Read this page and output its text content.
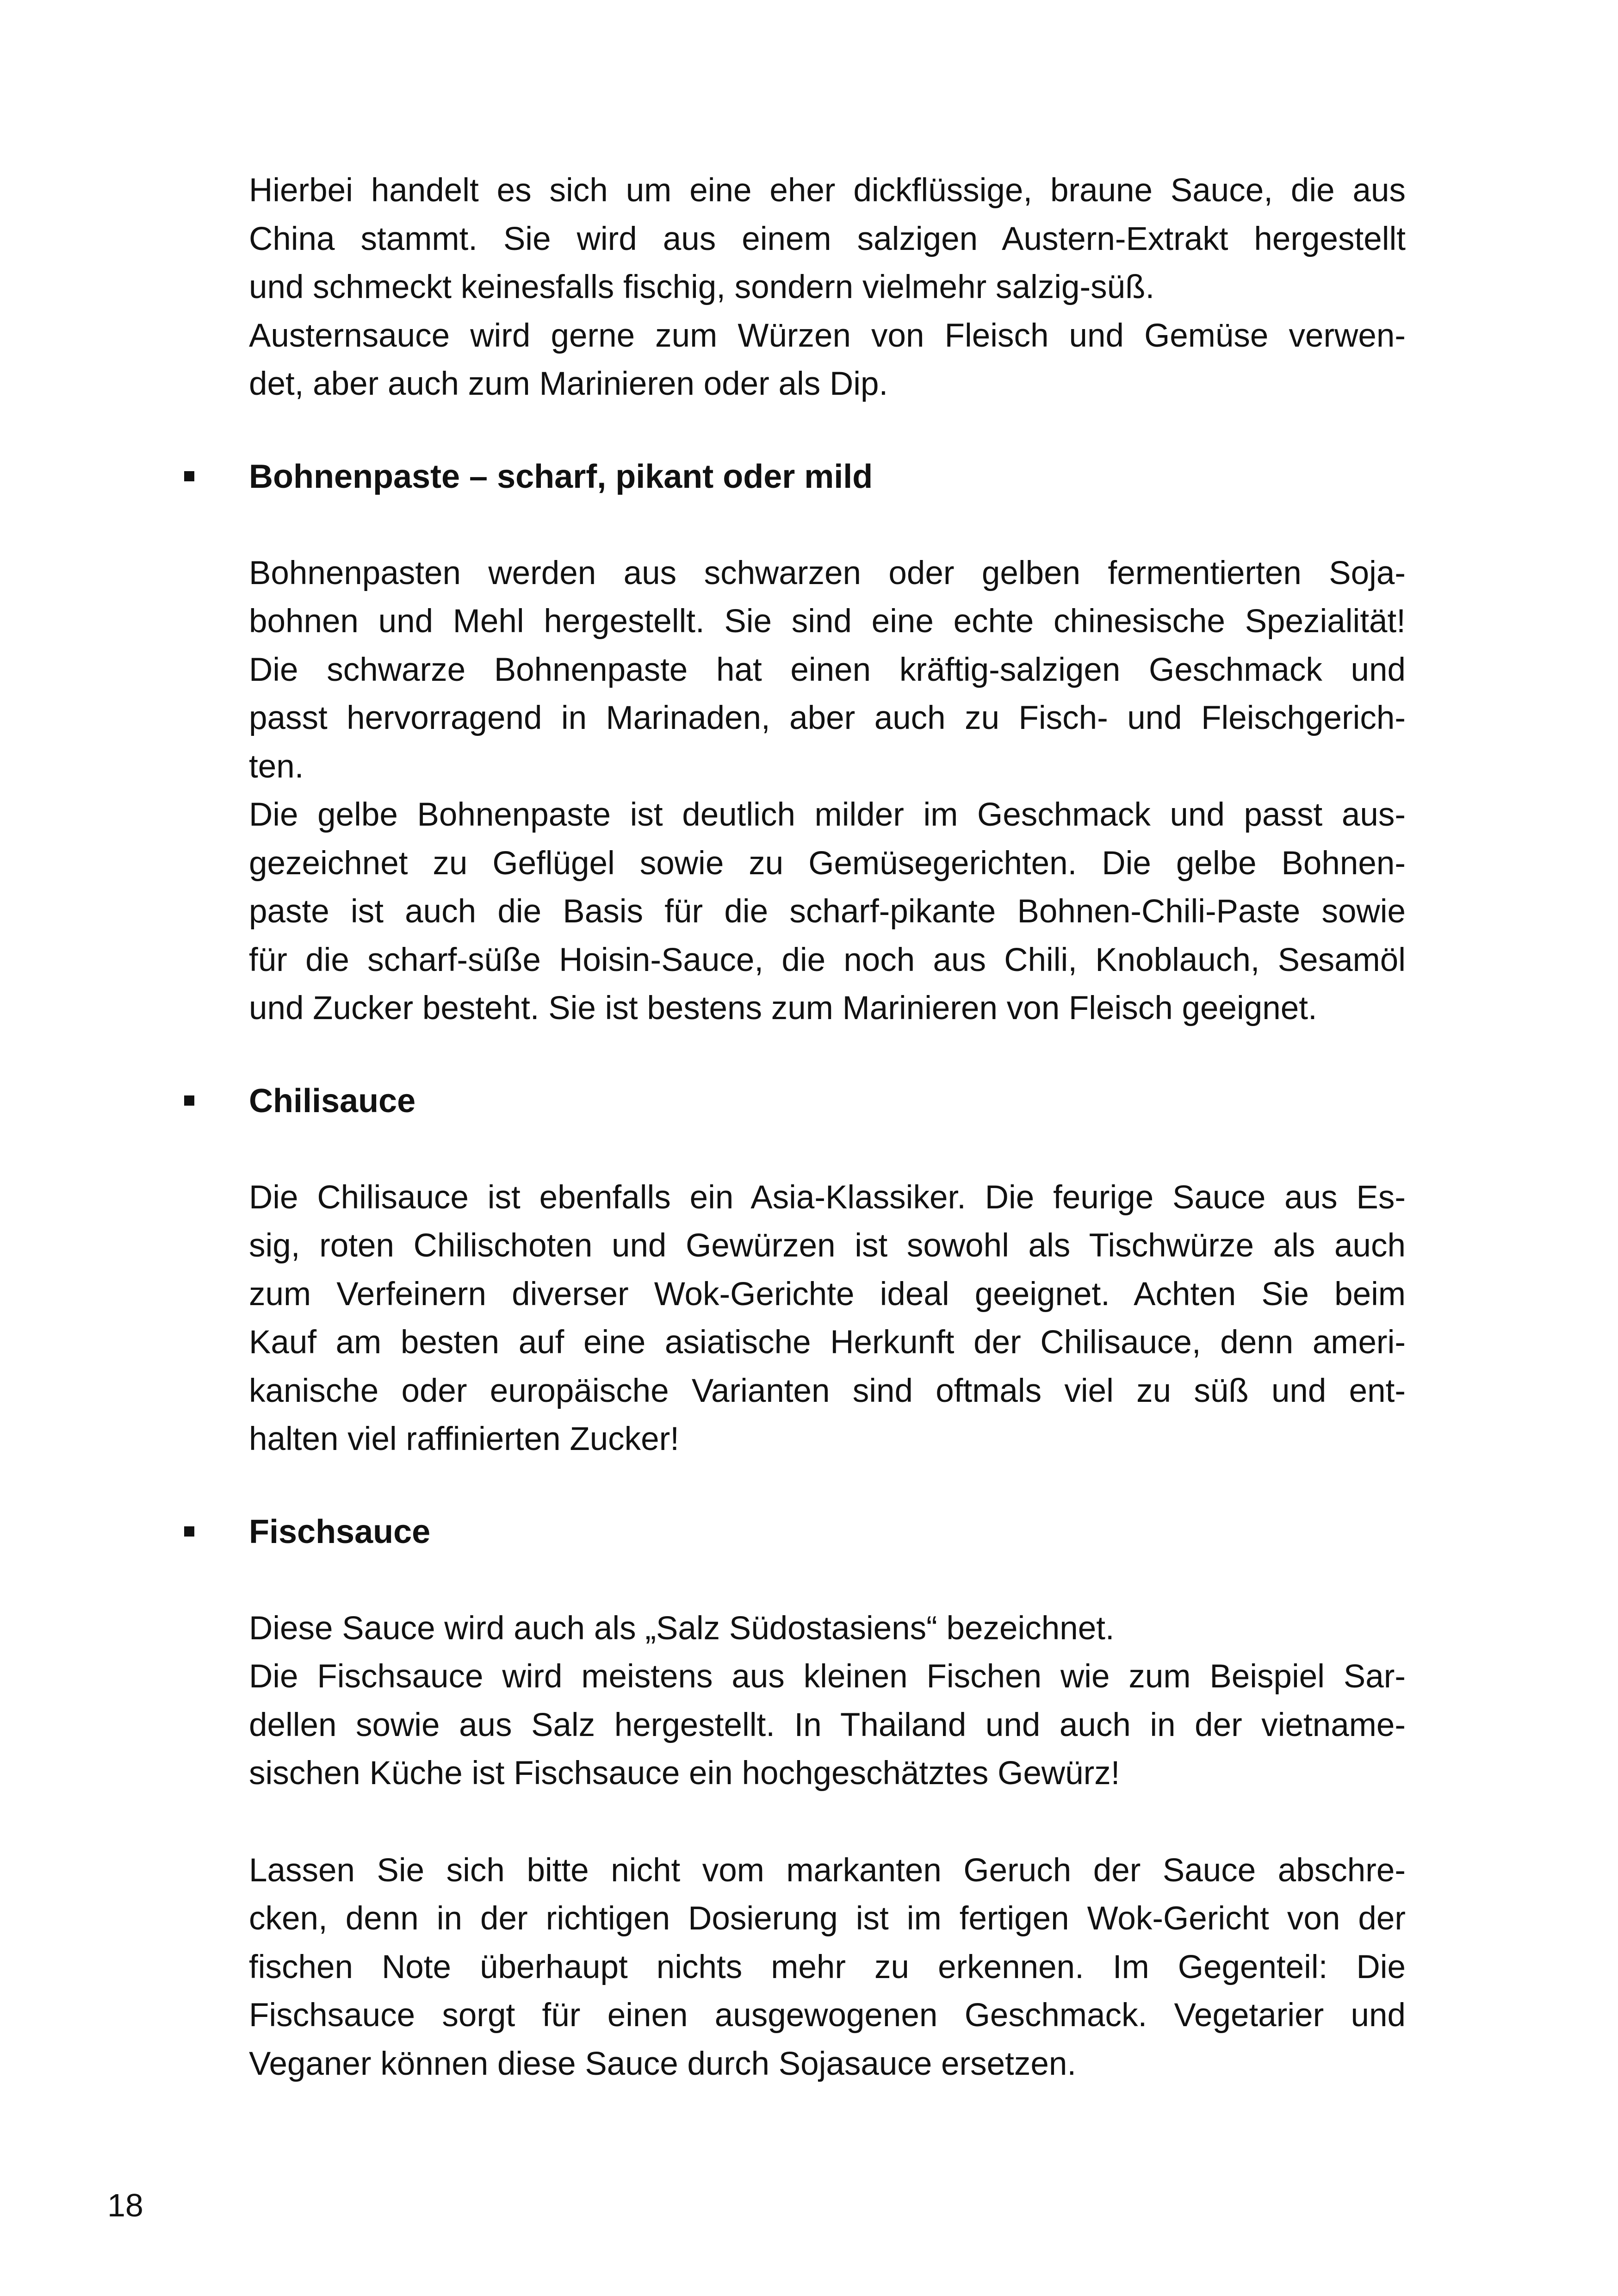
Hierbei handelt es sich um eine eher dickflüssige, braune Sauce, die aus
China stammt. Sie wird aus einem salzigen Austern-Extrakt hergestellt
und schmeckt keinesfalls fischig, sondern vielmehr salzig-süß.
Austernsauce wird gerne zum Würzen von Fleisch und Gemüse verwen-
det, aber auch zum Marinieren oder als Dip.

Bohnenpaste – scharf, pikant oder mild

Bohnenpasten werden aus schwarzen oder gelben fermentierten Soja-
bohnen und Mehl hergestellt. Sie sind eine echte chinesische Spezialität!
Die schwarze Bohnenpaste hat einen kräftig-salzigen Geschmack und
passt hervorragend in Marinaden, aber auch zu Fisch- und Fleischgerich-
ten.
Die gelbe Bohnenpaste ist deutlich milder im Geschmack und passt aus-
gezeichnet zu Geflügel sowie zu Gemüsegerichten. Die gelbe Bohnen-
paste ist auch die Basis für die scharf-pikante Bohnen-Chili-Paste sowie
für die scharf-süße Hoisin-Sauce, die noch aus Chili, Knoblauch, Sesamöl
und Zucker besteht. Sie ist bestens zum Marinieren von Fleisch geeignet.

Chilisauce

Die Chilisauce ist ebenfalls ein Asia-Klassiker. Die feurige Sauce aus Es-
sig, roten Chilischoten und Gewürzen ist sowohl als Tischwürze als auch
zum Verfeinern diverser Wok-Gerichte ideal geeignet. Achten Sie beim
Kauf am besten auf eine asiatische Herkunft der Chilisauce, denn ameri-
kanische oder europäische Varianten sind oftmals viel zu süß und ent-
halten viel raffinierten Zucker!

Fischsauce

Diese Sauce wird auch als „Salz Südostasiens“ bezeichnet.
Die Fischsauce wird meistens aus kleinen Fischen wie zum Beispiel Sar-
dellen sowie aus Salz hergestellt. In Thailand und auch in der vietname-
sischen Küche ist Fischsauce ein hochgeschätztes Gewürz!

Lassen Sie sich bitte nicht vom markanten Geruch der Sauce abschre-
cken, denn in der richtigen Dosierung ist im fertigen Wok-Gericht von der
fischen Note überhaupt nichts mehr zu erkennen. Im Gegenteil: Die
Fischsauce sorgt für einen ausgewogenen Geschmack. Vegetarier und
Veganer können diese Sauce durch Sojasauce ersetzen.

18
